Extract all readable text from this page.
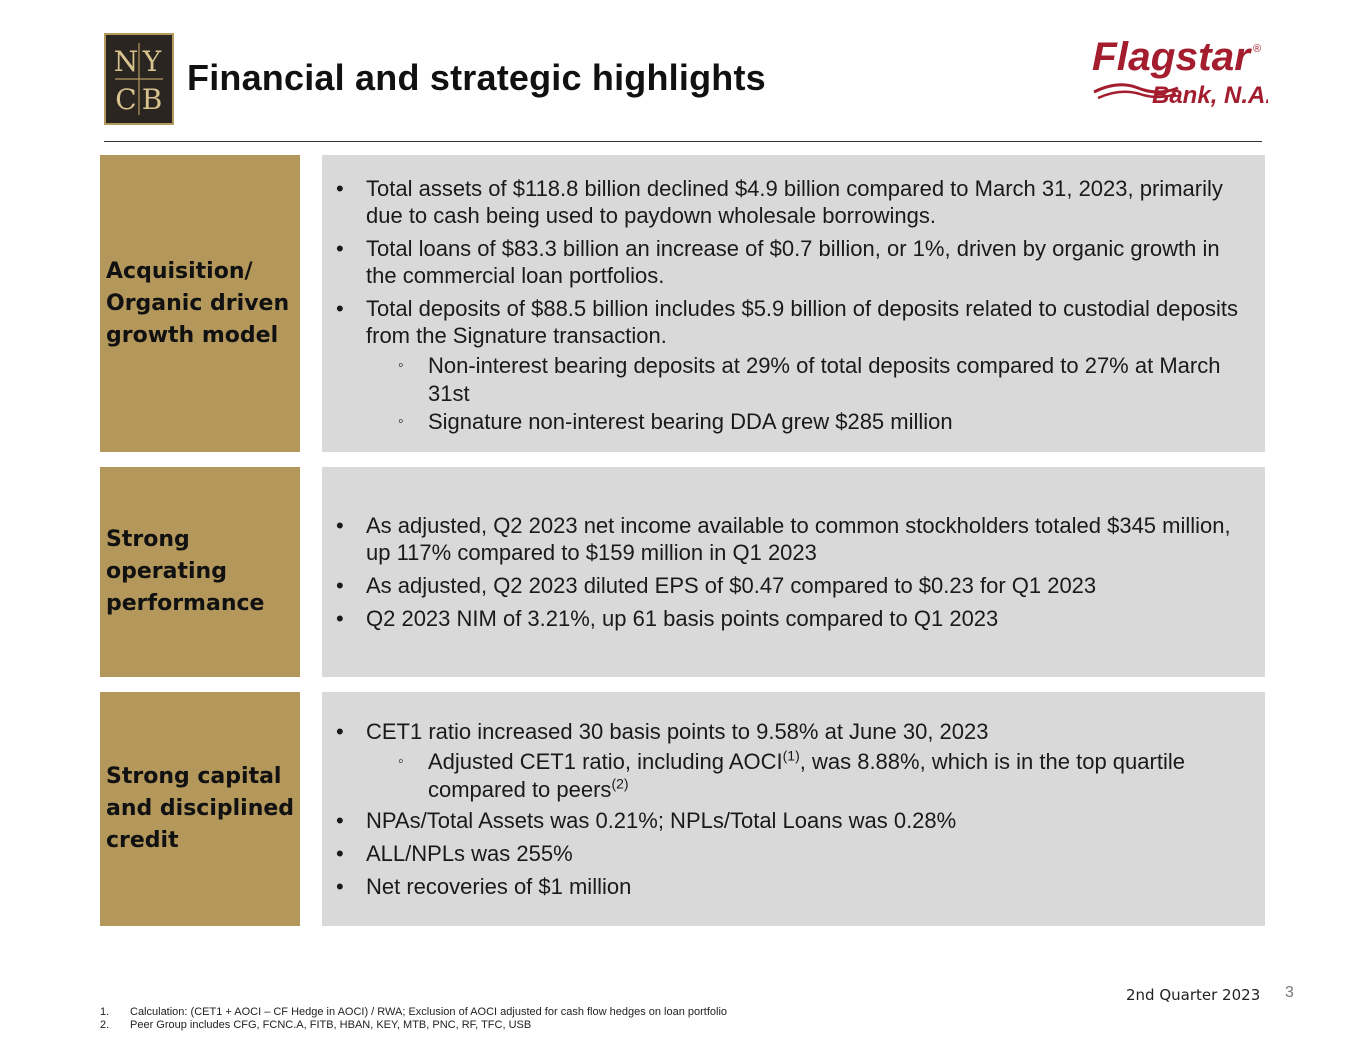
N Y
C B
Financial and strategic highlights	Flagstar ®
Bank, N.A.
Acquisition/
Organic driven
growth model
•	Total assets of $118.8 billion declined $4.9 billion compared to March 31, 2023, primarily due to cash being used to paydown wholesale borrowings.
•	Total loans of $83.3 billion an increase of $0.7 billion, or 1%, driven by organic growth in the commercial loan portfolios.
•	Total deposits of $88.5 billion includes $5.9 billion of deposits related to custodial deposits from the Signature transaction.
◦	Non-interest bearing deposits at 29% of total deposits compared to 27% at March 31st
◦	Signature non-interest bearing DDA grew $285 million
Strong
operating
performance
•	As adjusted, Q2 2023 net income available to common stockholders totaled $345 million, up 117% compared to $159 million in Q1 2023
•	As adjusted, Q2 2023 diluted EPS of $0.47 compared to $0.23 for Q1 2023
•	Q2 2023 NIM of 3.21%, up 61 basis points compared to Q1 2023
Strong capital
and disciplined
credit
•	CET1 ratio increased 30 basis points to 9.58% at June 30, 2023
◦	Adjusted CET1 ratio, including AOCI$^{(1)}$, was 8.88%, which is in the top quartile compared to peers$^{(2)}$
•	NPAs/Total Assets was 0.21%; NPLs/Total Loans was 0.28%
•	ALL/NPLs was 255%
•	Net recoveries of $1 million
2nd Quarter 2023 3
1.	Calculation: (CET1 + AOCI – CF Hedge in AOCI) / RWA; Exclusion of AOCI adjusted for cash flow hedges on loan portfolio
2.	Peer Group includes CFG, FCNC.A, FITB, HBAN, KEY, MTB, PNC, RF, TFC, USB
